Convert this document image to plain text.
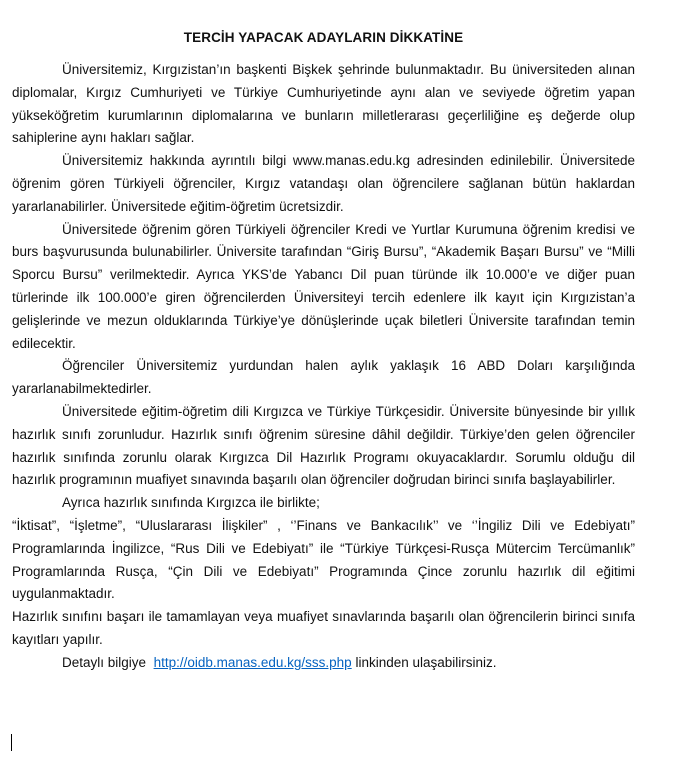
TERCİH YAPACAK ADAYLARIN DİKKATİNE

Üniversitemiz, Kırgızistan’ın başkenti Bişkek şehrinde bulunmaktadır. Bu üniversiteden alınan diplomalar, Kırgız Cumhuriyeti ve Türkiye Cumhuriyetinde aynı alan ve seviyede öğretim yapan yükseköğretim kurumlarının diplomalarına ve bunların milletlerarası geçerliliğine eş değerde olup sahiplerine aynı hakları sağlar.

Üniversitemiz hakkında ayrıntılı bilgi www.manas.edu.kg adresinden edinilebilir. Üniversitede öğrenim gören Türkiyeli öğrenciler, Kırgız vatandaşı olan öğrencilere sağlanan bütün haklardan yararlanabilirler. Üniversitede eğitim-öğretim ücretsizdir.

Üniversitede öğrenim gören Türkiyeli öğrenciler Kredi ve Yurtlar Kurumuna öğrenim kredisi ve burs başvurusunda bulunabilirler. Üniversite tarafından “Giriş Bursu”, “Akademik Başarı Bursu” ve “Milli Sporcu Bursu” verilmektedir. Ayrıca YKS’de Yabancı Dil puan türünde ilk 10.000’e ve diğer puan türlerinde ilk 100.000’e giren öğrencilerden Üniversiteyi tercih edenlere ilk kayıt için Kırgızistan’a gelişlerinde ve mezun olduklarında Türkiye’ye dönüşlerinde uçak biletleri Üniversite tarafından temin edilecektir.

Öğrenciler Üniversitemiz yurdundan halen aylık yaklaşık 16 ABD Doları karşılığında yararlanabilmektedirler.

Üniversitede eğitim-öğretim dili Kırgızca ve Türkiye Türkçesidir. Üniversite bünyesinde bir yıllık hazırlık sınıfı zorunludur. Hazırlık sınıfı öğrenim süresine dâhil değildir. Türkiye’den gelen öğrenciler hazırlık sınıfında zorunlu olarak Kırgızca Dil Hazırlık Programı okuyacaklardır. Sorumlu olduğu dil hazırlık programının muafiyet sınavında başarılı olan öğrenciler doğrudan birinci sınıfa başlayabilirler.

Ayrıca hazırlık sınıfında Kırgızca ile birlikte;

“İktisat”, “İşletme”, “Uluslararası İlişkiler” , ‘’Finans ve Bankacılık’’ ve ‘’İngiliz Dili ve Edebiyatı” Programlarında İngilizce, “Rus Dili ve Edebiyatı” ile “Türkiye Türkçesi-Rusça Mütercim Tercümanlık” Programlarında Rusça, “Çin Dili ve Edebiyatı” Programında Çince zorunlu hazırlık dil eğitimi uygulanmaktadır.

Hazırlık sınıfını başarı ile tamamlayan veya muafiyet sınavlarında başarılı olan öğrencilerin birinci sınıfa kayıtları yapılır.

Detaylı bilgiye http://oidb.manas.edu.kg/sss.php linkinden ulaşabilirsiniz.
